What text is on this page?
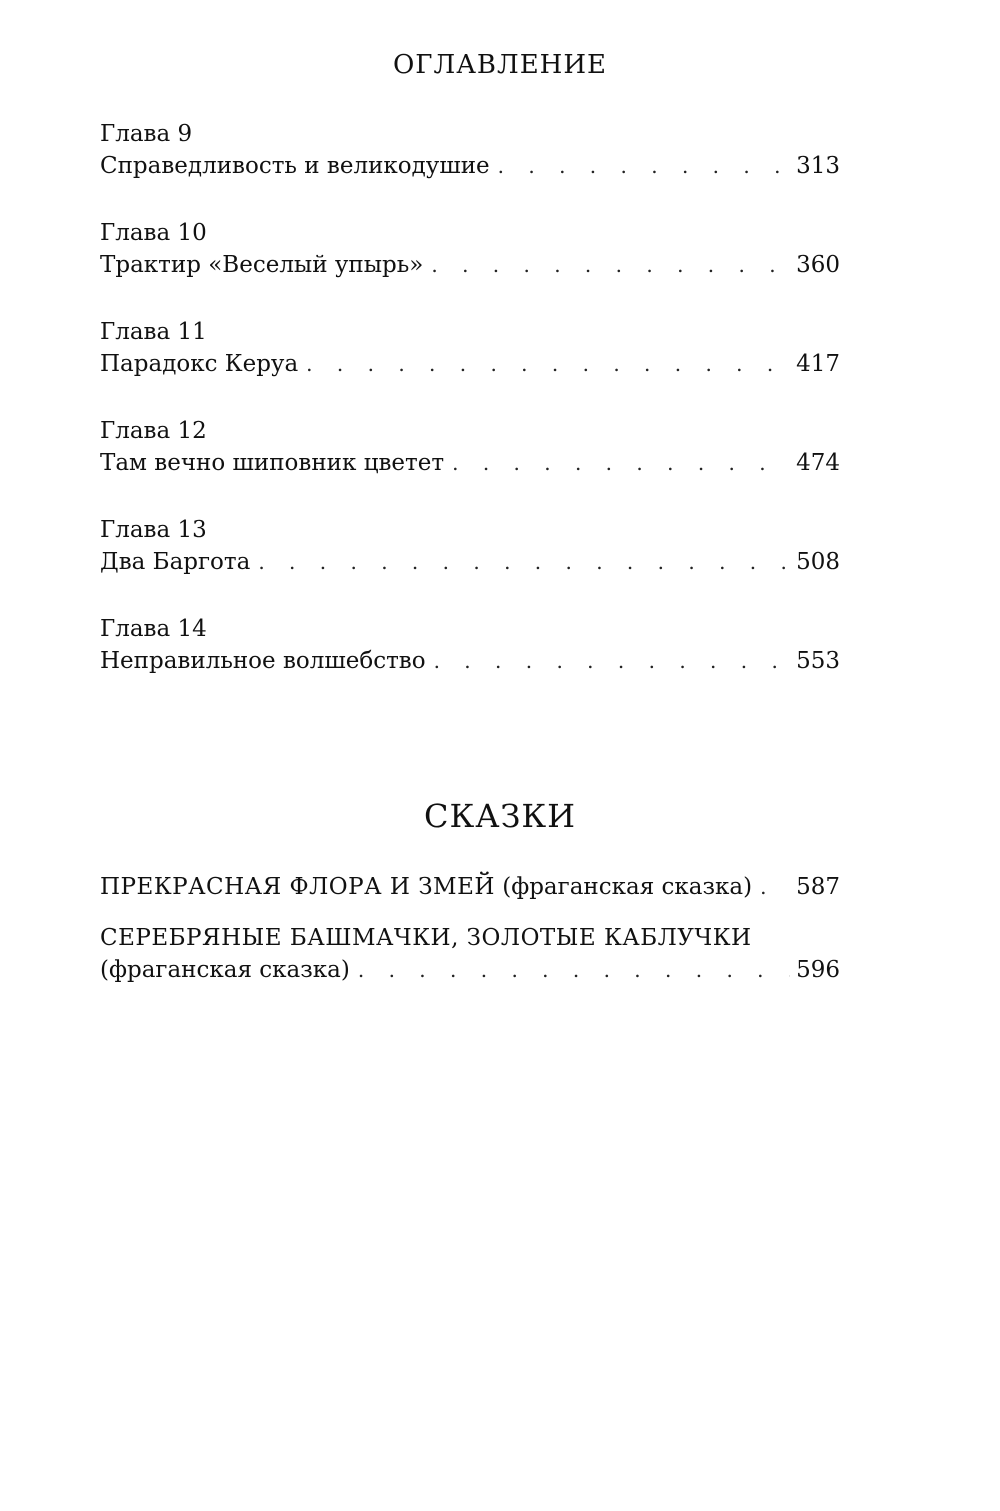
ОГЛАВЛЕНИЕ
Глава 9
Справедливость и великодушие . . .	313
Глава 10
Трактир «Веселый упырь» . . .	360
Глава 11
Парадокс Керуа . . .	417
Глава 12
Там вечно шиповник цветет . . .	474
Глава 13
Два Баргота . . .	508
Глава 14
Неправильное волшебство . . .	553
СКАЗКИ
ПРЕКРАСНАЯ ФЛОРА И ЗМЕЙ (фраганская сказка) . . .	587
СЕРЕБРЯНЫЕ БАШМАЧКИ, ЗОЛОТЫЕ КАБЛУЧКИ
(фраганская сказка) . . .	596
